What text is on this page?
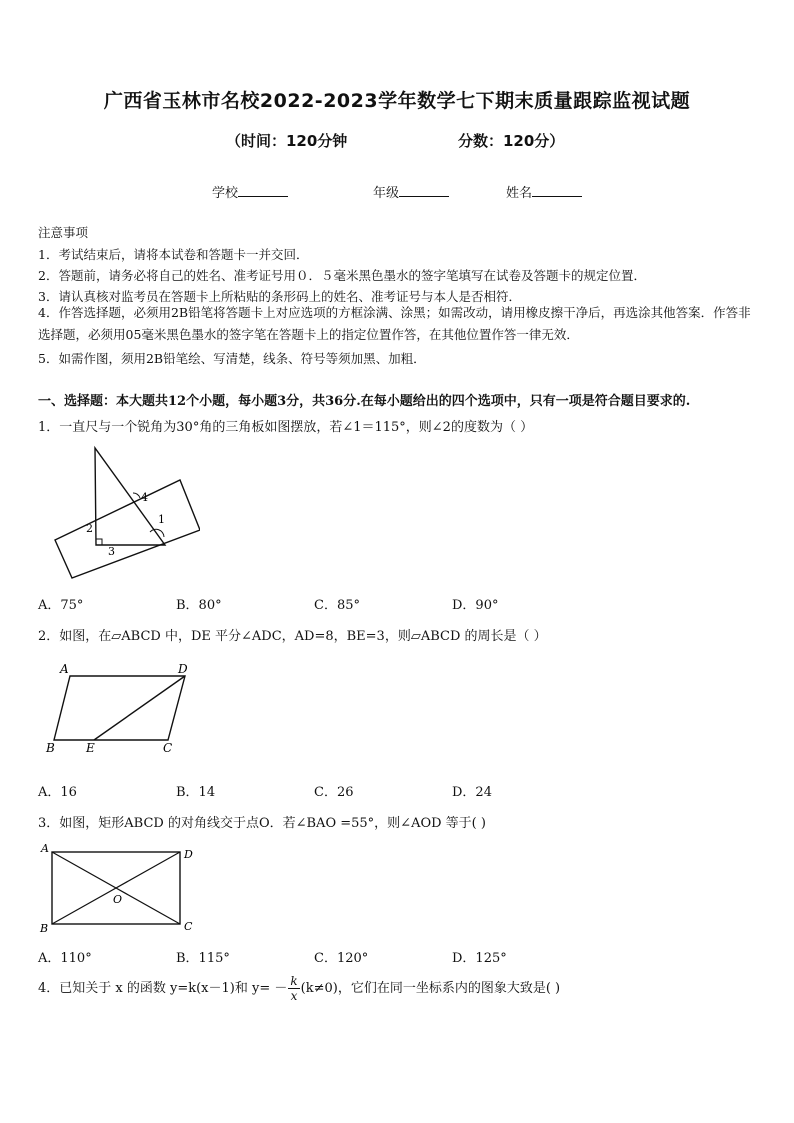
广西省玉林市名校2022-2023学年数学七下期末质量跟踪监视试题
（时间：120分钟	分数：120分）
学校	年级	姓名
注意事项
1．考试结束后，请将本试卷和答题卡一并交回．
2．答题前，请务必将自己的姓名、准考证号用０．５毫米黑色墨水的签字笔填写在试卷及答题卡的规定位置．
3．请认真核对监考员在答题卡上所粘贴的条形码上的姓名、准考证号与本人是否相符．
4．作答选择题，必须用2B铅笔将答题卡上对应选项的方框涂满、涂黑；如需改动，请用橡皮擦干净后，再选涂其他答案．作答非选择题，必须用05毫米黑色墨水的签字笔在答题卡上的指定位置作答，在其他位置作答一律无效．
5．如需作图，须用2B铅笔绘、写清楚，线条、符号等须加黑、加粗．
一、选择题：本大题共12个小题，每小题3分，共36分.在每小题给出的四个选项中，只有一项是符合题目要求的.
1．一直尺与一个锐角为30°角的三角板如图摆放，若∠1＝115°，则∠2的度数为（ ）
4
2
1
3
A．75°	B．80°	C．85°	D．90°
2．如图，在▱ABCD 中，DE 平分∠ADC，AD=8，BE=3，则▱ABCD 的周长是（ ）
A	D
B	E	C
A．16	B．14	C．26	D．24
3．如图，矩形ABCD 的对角线交于点O．若∠BAO =55°，则∠AOD 等于( )
A	D
B	C
O
A．110°	B．115°	C．120°	D．125°
4．已知关于 x 的函数 y=k(x－1)和 $y= - \frac{k}{x} (k\ne 0)$，它们在同一坐标系内的图象大致是( )
